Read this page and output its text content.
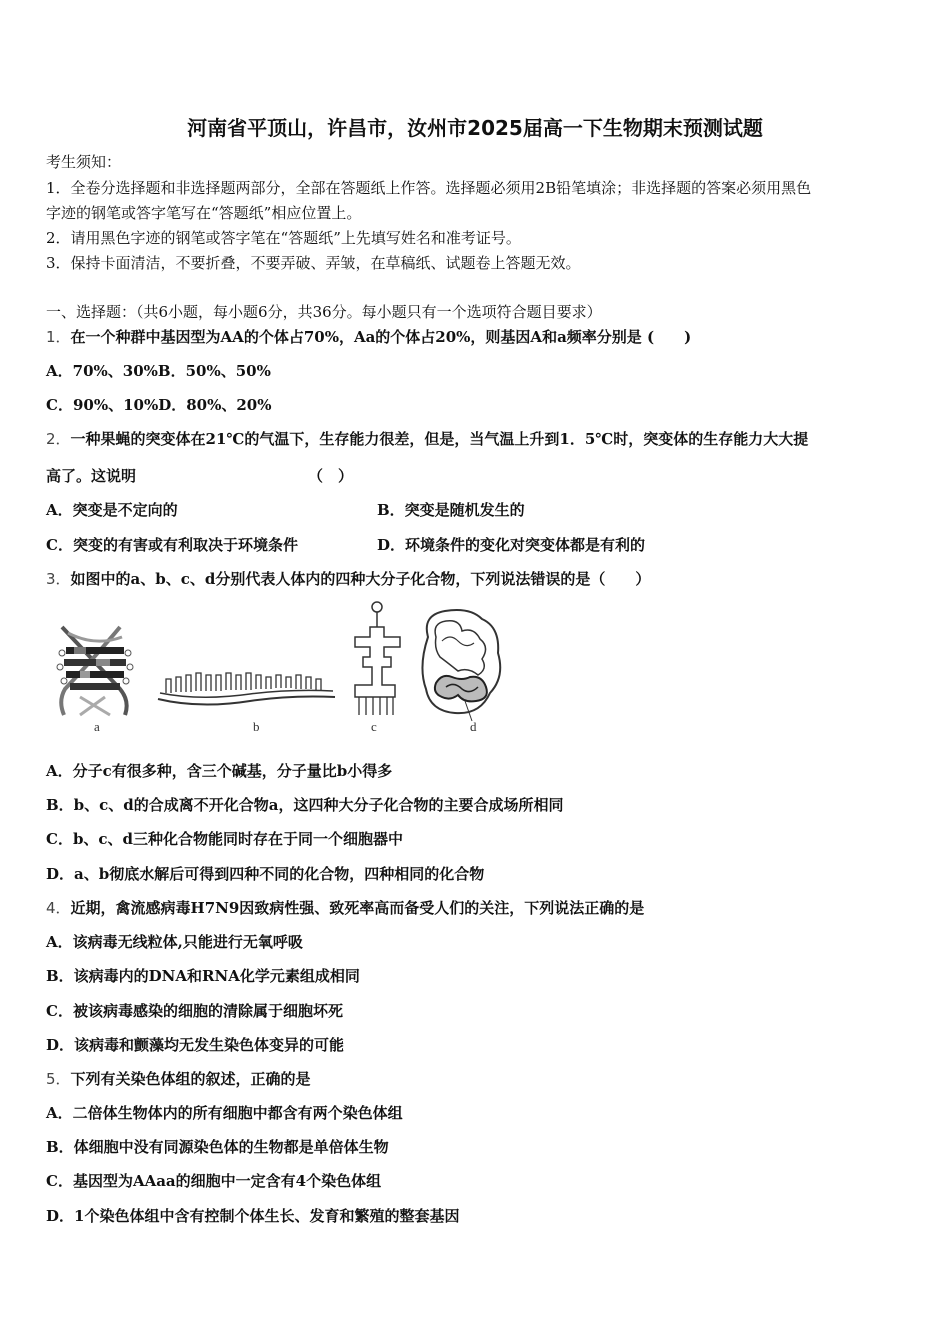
河南省平顶山，许昌市，汝州市2025届高一下生物期末预测试题
考生须知：
1．全卷分选择题和非选择题两部分，全部在答题纸上作答。选择题必须用2B铅笔填涂；非选择题的答案必须用黑色
字迹的钢笔或答字笔写在“答题纸”相应位置上。
2．请用黑色字迹的钢笔或答字笔在“答题纸”上先填写姓名和准考证号。
3．保持卡面清洁，不要折叠，不要弄破、弄皱，在草稿纸、试题卷上答题无效。
一、选择题：（共6小题，每小题6分，共36分。每小题只有一个选项符合题目要求）
1．在一个种群中基因型为AA的个体占70%，Aa的个体占20%，则基因A和a频率分别是 (　　)
A．70%、30%B．50%、50%
C．90%、10%D．80%、20%
2．一种果蝇的突变体在21℃的气温下，生存能力很差，但是，当气温上升到1．5℃时，突变体的生存能力大大提
高了。这说明	（　）
A．突变是不定向的	B．突变是随机发生的
C．突变的有害或有利取决于环境条件	D．环境条件的变化对突变体都是有利的
3．如图中的a、b、c、d分别代表人体内的四种大分子化合物，下列说法错误的是（　　）
a	b	c	d
A．分子c有很多种，含三个碱基，分子量比b小得多
B．b、c、d的合成离不开化合物a，这四种大分子化合物的主要合成场所相同
C．b、c、d三种化合物能同时存在于同一个细胞器中
D．a、b彻底水解后可得到四种不同的化合物，四种相同的化合物
4．近期，禽流感病毒H7N9因致病性强、致死率高而备受人们的关注，下列说法正确的是
A．该病毒无线粒体,只能进行无氧呼吸
B．该病毒内的DNA和RNA化学元素组成相同
C．被该病毒感染的细胞的清除属于细胞坏死
D．该病毒和颤藻均无发生染色体变异的可能
5．下列有关染色体组的叙述，正确的是
A．二倍体生物体内的所有细胞中都含有两个染色体组
B．体细胞中没有同源染色体的生物都是单倍体生物
C．基因型为AAaa的细胞中一定含有4个染色体组
D．1个染色体组中含有控制个体生长、发育和繁殖的整套基因
